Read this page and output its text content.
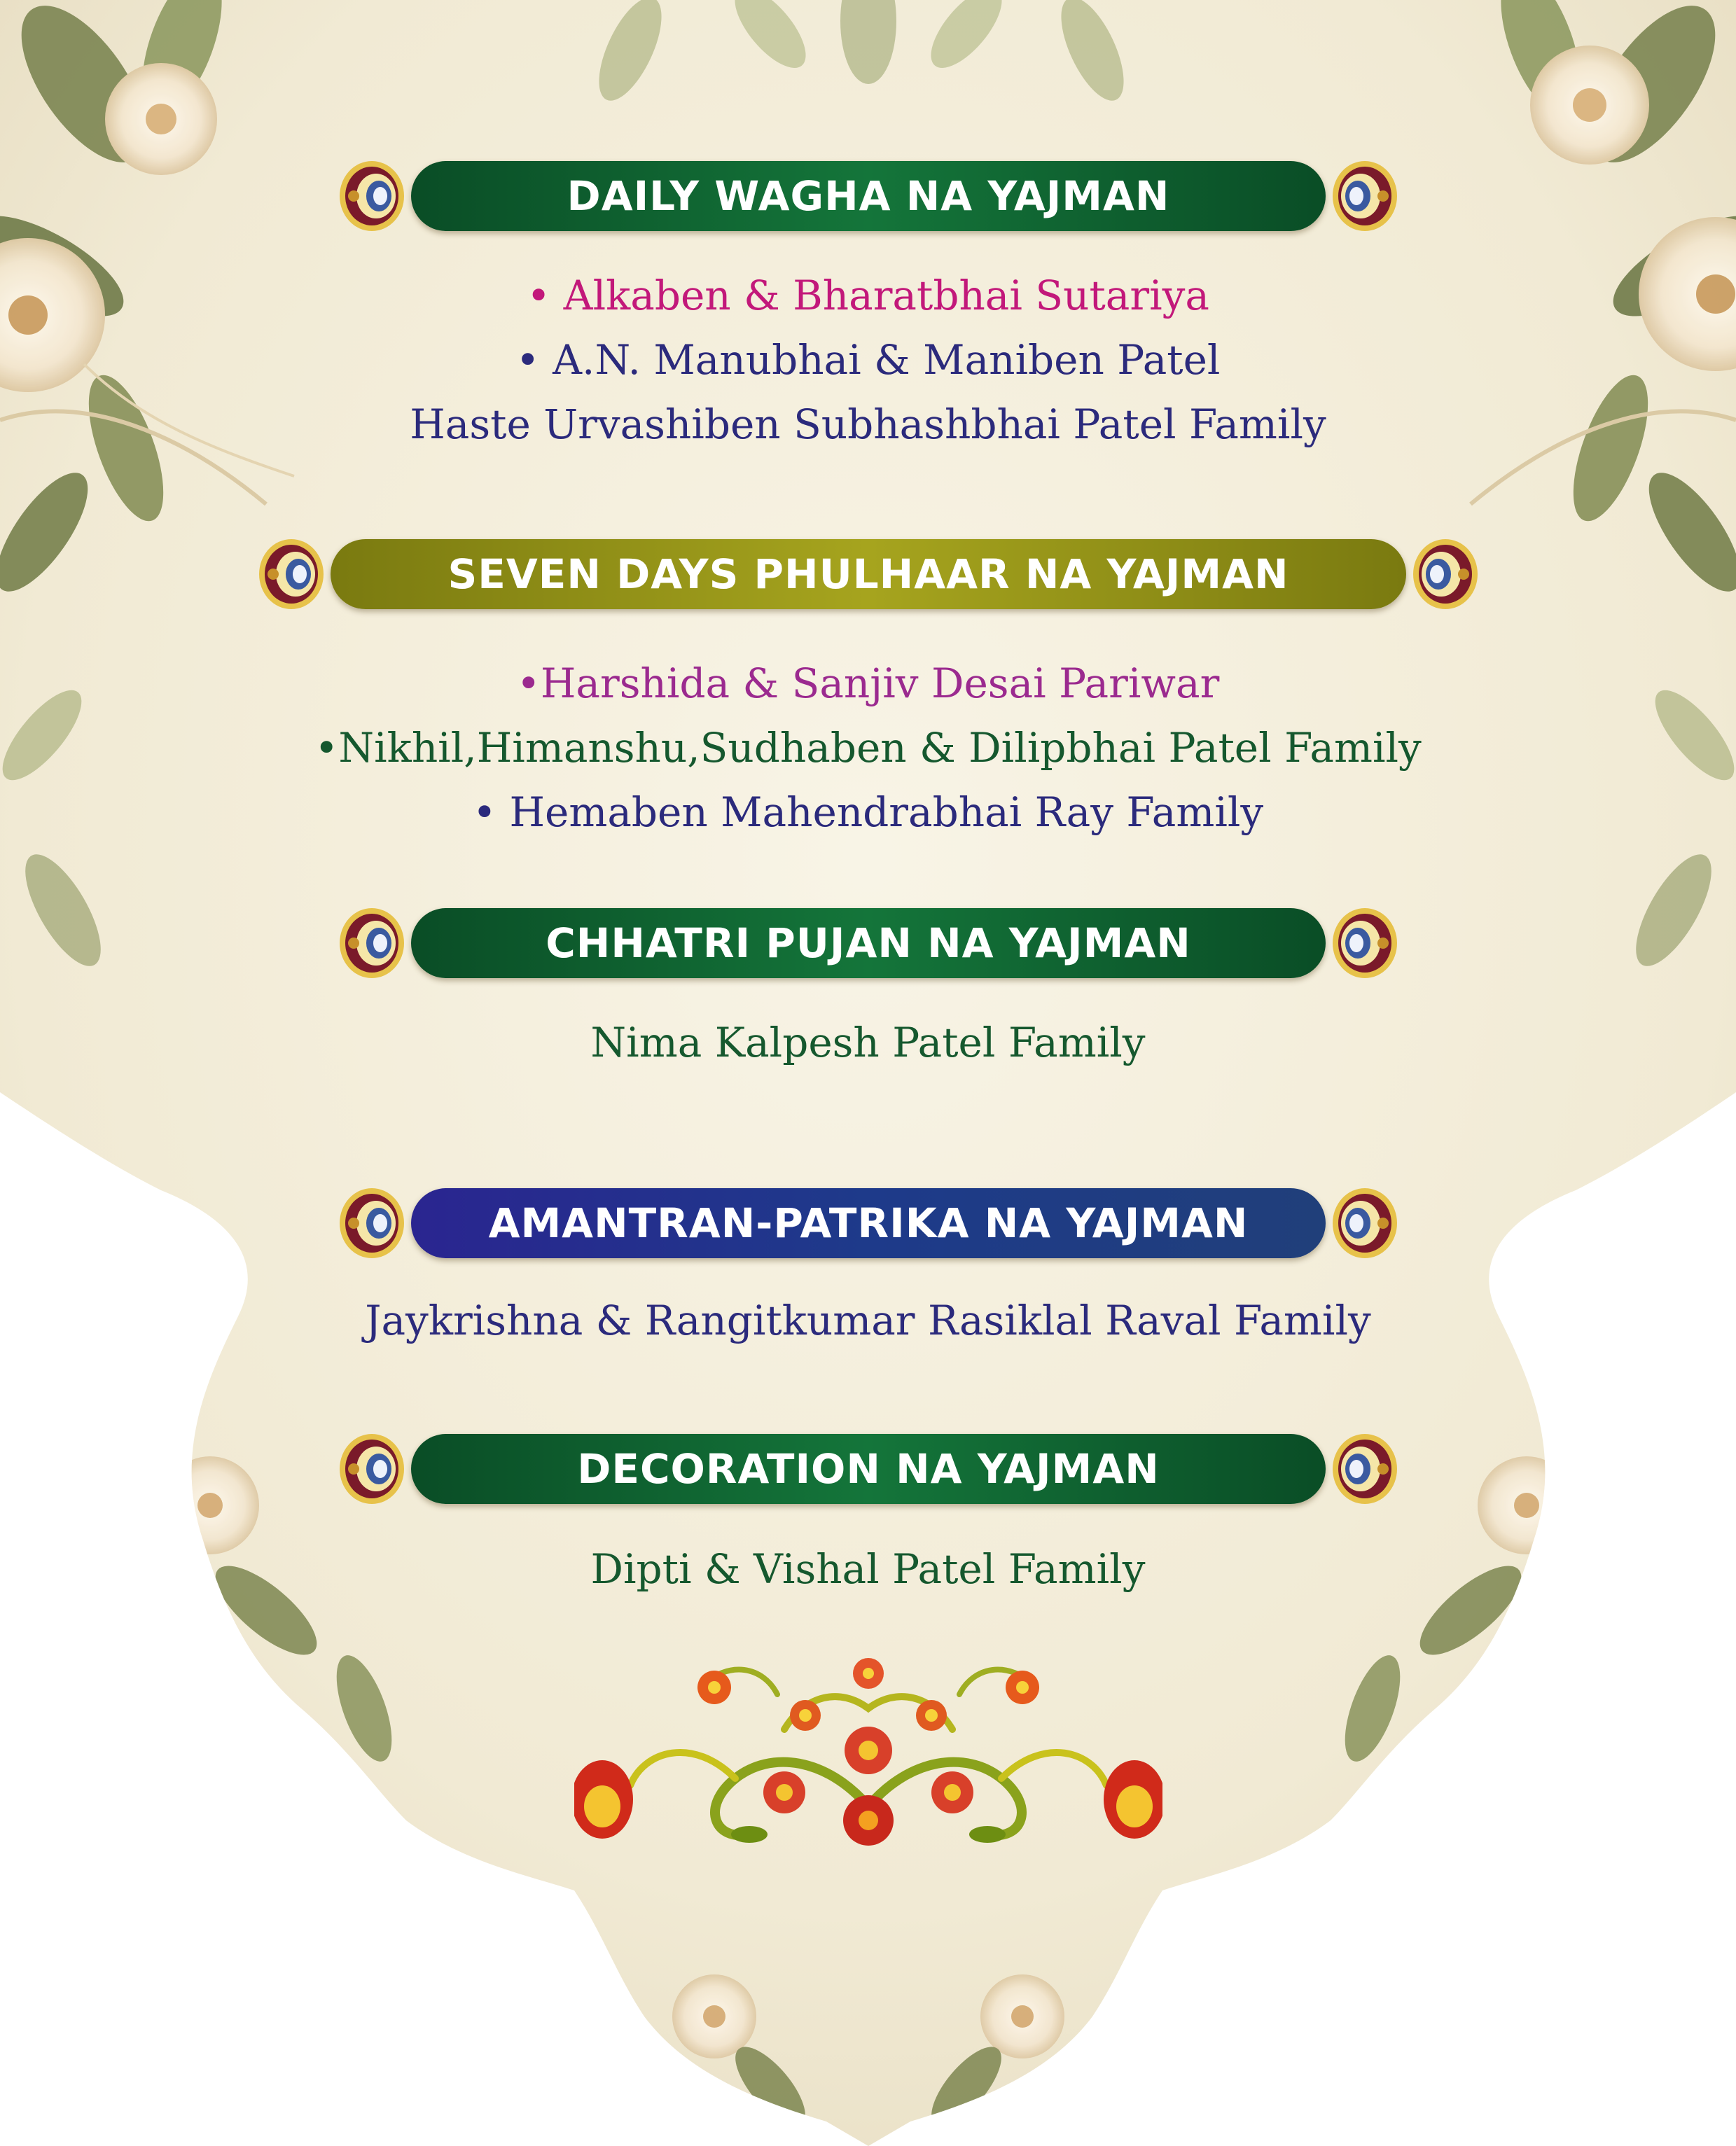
DAILY WAGHA NA YAJMAN
• Alkaben & Bharatbhai Sutariya
• A.N. Manubhai & Maniben Patel
Haste Urvashiben Subhashbhai Patel Family
SEVEN DAYS PHULHAAR NA YAJMAN
•Harshida & Sanjiv Desai Pariwar
•Nikhil,Himanshu,Sudhaben & Dilipbhai Patel Family
• Hemaben Mahendrabhai Ray Family
CHHATRI PUJAN NA YAJMAN
Nima Kalpesh Patel Family
AMANTRAN-PATRIKA NA YAJMAN
Jaykrishna & Rangitkumar Rasiklal Raval Family
DECORATION NA YAJMAN
Dipti & Vishal Patel Family
